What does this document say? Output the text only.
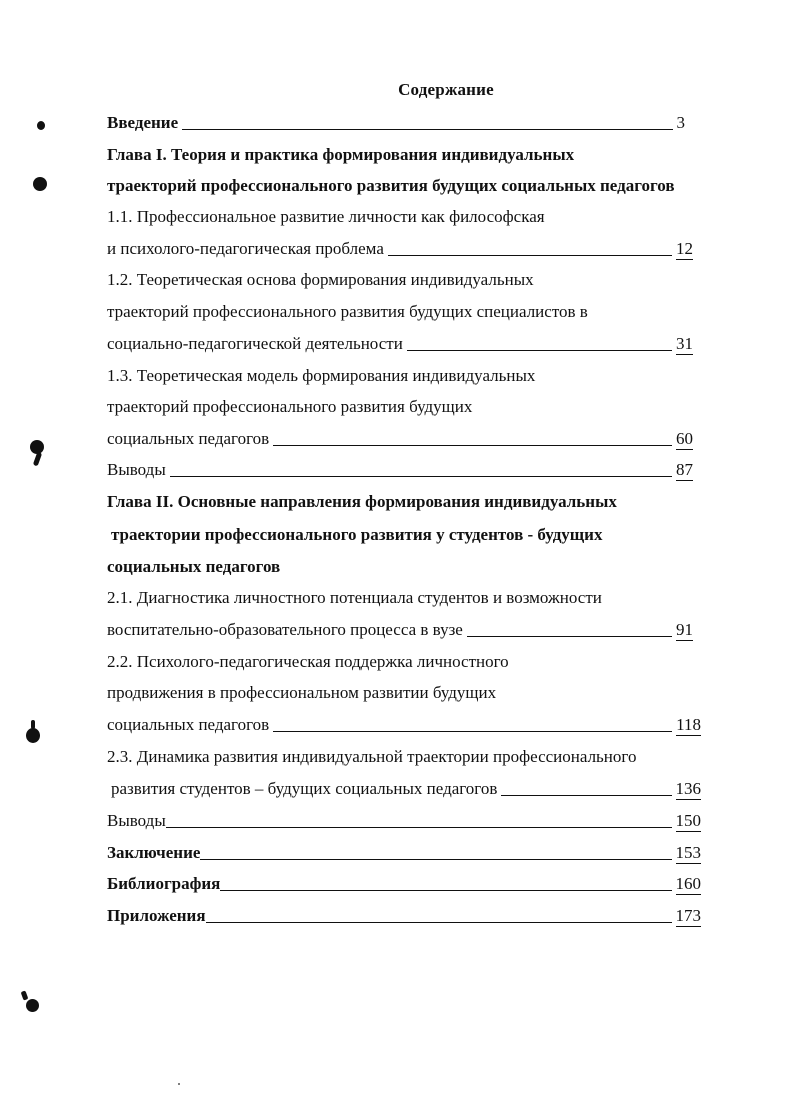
Содержание
Введение	3
Глава I. Теория и практика формирования индивидуальных
траекторий профессионального развития будущих социальных педагогов
1.1. Профессиональное развитие личности как философская
и психолого-педагогическая проблема	12
1.2. Теоретическая основа формирования индивидуальных
траекторий профессионального развития будущих специалистов в
социально-педагогической деятельности	31
1.3. Теоретическая модель формирования индивидуальных
траекторий профессионального развития будущих
социальных педагогов	60
Выводы	87
Глава II. Основные направления формирования индивидуальных
траектории профессионального развития у студентов - будущих
социальных педагогов
2.1. Диагностика личностного потенциала студентов и возможности
воспитательно-образовательного процесса в вузе	91
2.2. Психолого-педагогическая поддержка личностного
продвижения в профессиональном развитии будущих
социальных педагогов	118
2.3. Динамика развития индивидуальной траектории профессионального
развития студентов – будущих социальных педагогов	136
Выводы	150
Заключение	153
Библиография	160
Приложения	173
